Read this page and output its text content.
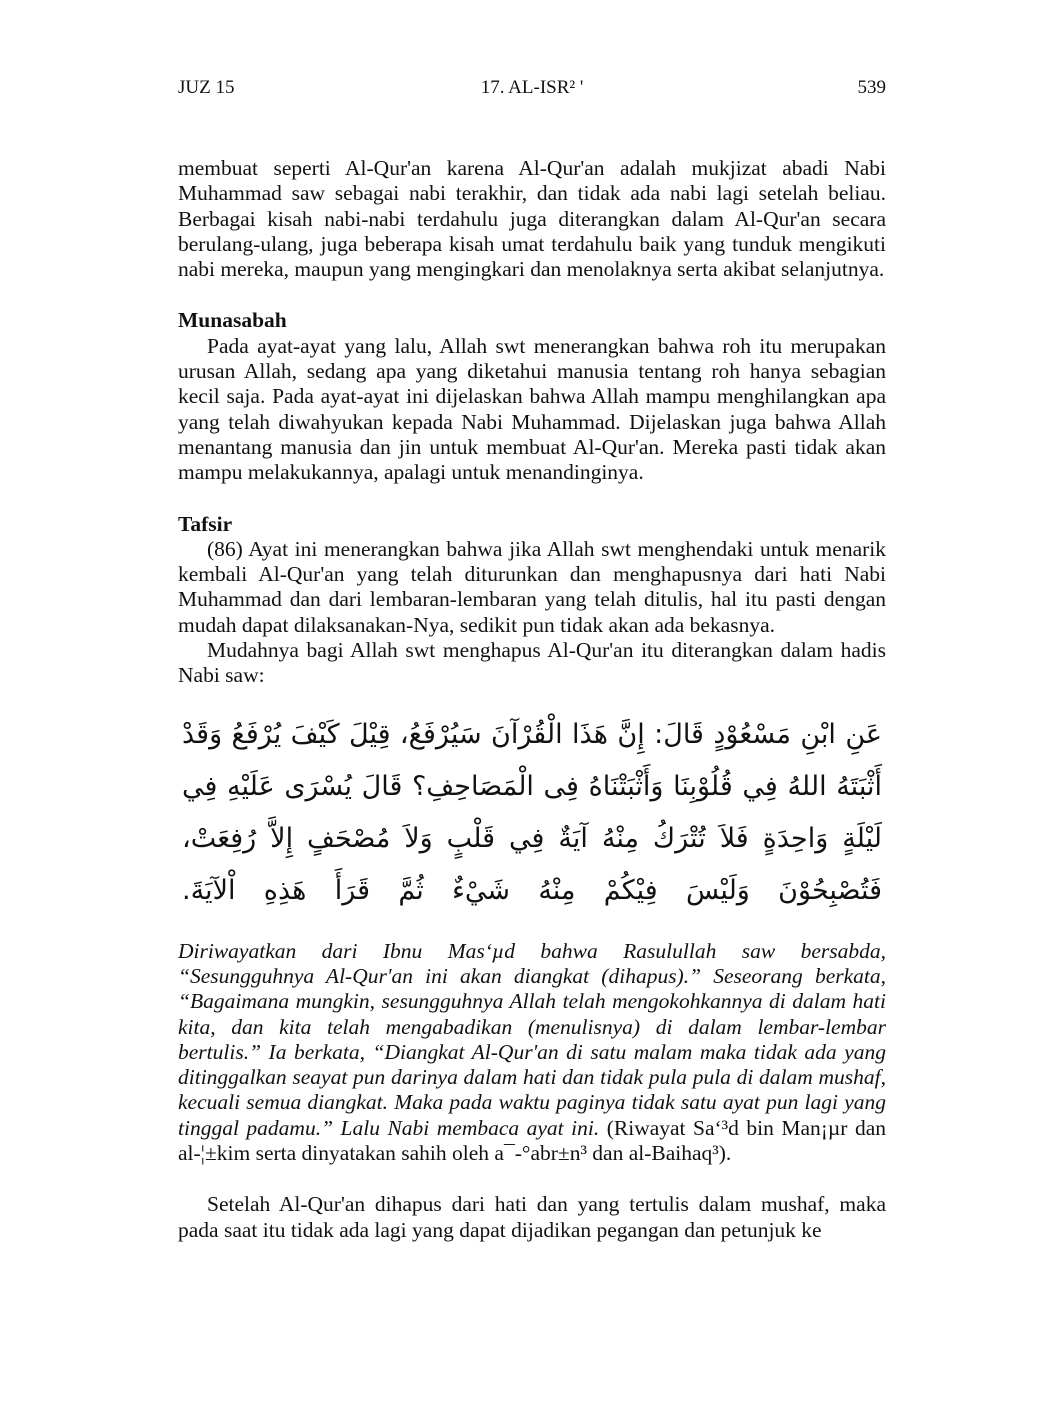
JUZ 15	17. AL-ISR² '	539

membuat seperti Al-Qur'an karena Al-Qur'an adalah mukjizat abadi Nabi Muhammad saw sebagai nabi terakhir, dan tidak ada nabi lagi setelah beliau. Berbagai kisah nabi-nabi terdahulu juga diterangkan dalam Al-Qur'an secara berulang-ulang, juga beberapa kisah umat terdahulu baik yang tunduk mengikuti nabi mereka, maupun yang mengingkari dan menolaknya serta akibat selanjutnya.

Munasabah

Pada ayat-ayat yang lalu, Allah swt menerangkan bahwa roh itu merupakan urusan Allah, sedang apa yang diketahui manusia tentang roh hanya sebagian kecil saja. Pada ayat-ayat ini dijelaskan bahwa Allah mampu menghilangkan apa yang telah diwahyukan kepada Nabi Muhammad. Dijelaskan juga bahwa Allah menantang manusia dan jin untuk membuat Al-Qur'an. Mereka pasti tidak akan mampu melakukannya, apalagi untuk menandinginya.

Tafsir

(86) Ayat ini menerangkan bahwa jika Allah swt menghendaki untuk menarik kembali Al-Qur'an yang telah diturunkan dan menghapusnya dari hati Nabi Muhammad dan dari lembaran-lembaran yang telah ditulis, hal itu pasti dengan mudah dapat dilaksanakan-Nya, sedikit pun tidak akan ada bekasnya.

Mudahnya bagi Allah swt menghapus Al-Qur'an itu diterangkan dalam hadis Nabi saw:

عَنِ ابْنِ مَسْعُوْدٍ قَالَ: إِنَّ هَذَا الْقُرْآنَ سَيُرْفَعُ، قِيْلَ كَيْفَ يُرْفَعُ وَقَدْ أَثْبَتَهُ اللهُ فِي قُلُوْبِنَا وَأَثْبَتْنَاهُ فِى الْمَصَاحِفِ؟ قَالَ يُسْرَى عَلَيْهِ فِي لَيْلَةٍ وَاحِدَةٍ فَلاَ تُتْرَكُ مِنْهُ آيَةٌ فِي قَلْبٍ وَلاَ مُصْحَفٍ إِلاَّ رُفِعَتْ، فَتُصْبِحُوْنَ وَلَيْسَ فِيْكُمْ مِنْهُ شَيْءٌ ثُمَّ قَرَأَ هَذِهِ اْلآيَةَ.

Diriwayatkan dari Ibnu Mas‘µd bahwa Rasulullah saw bersabda, “Sesungguhnya Al-Qur'an ini akan diangkat (dihapus).” Seseorang berkata, “Bagaimana mungkin, sesungguhnya Allah telah mengokohkannya di dalam hati kita, dan kita telah mengabadikan (menulisnya) di dalam lembar-lembar bertulis.” Ia berkata, “Diangkat Al-Qur'an di satu malam maka tidak ada yang ditinggalkan seayat pun darinya dalam hati dan tidak pula pula di dalam mushaf, kecuali semua diangkat. Maka pada waktu paginya tidak satu ayat pun lagi yang tinggal padamu.” Lalu Nabi membaca ayat ini. (Riwayat Sa‘³d bin Man¡µr dan al-¦±kim serta dinyatakan sahih oleh a¯-°abr±n³ dan al-Baihaq³).

Setelah Al-Qur'an dihapus dari hati dan yang tertulis dalam mushaf, maka pada saat itu tidak ada lagi yang dapat dijadikan pegangan dan petunjuk ke
